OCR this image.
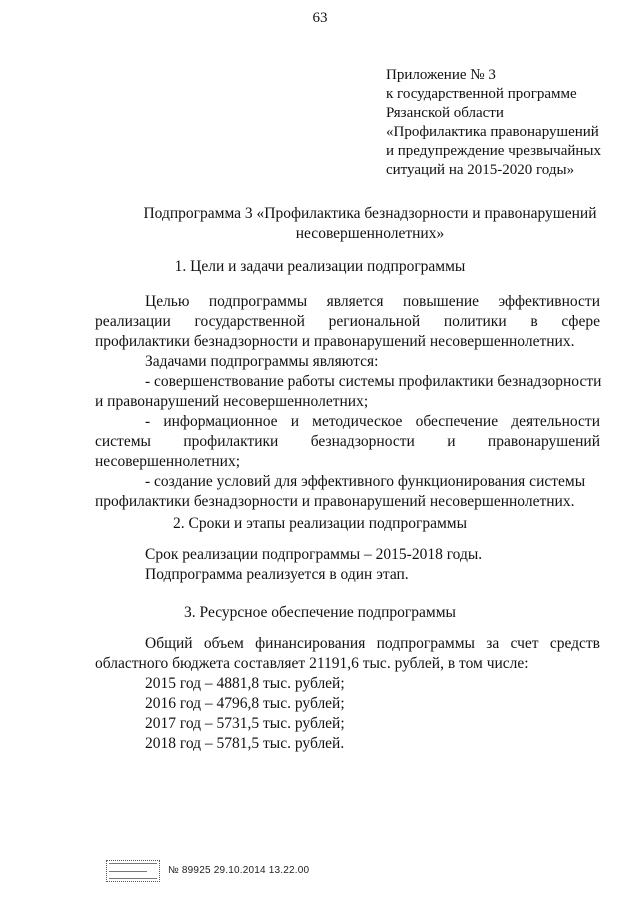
63
Приложение № 3
к государственной программе
Рязанской области
«Профилактика правонарушений
и предупреждение чрезвычайных
ситуаций на 2015-2020 годы»
Подпрограмма 3 «Профилактика безнадзорности и правонарушений
несовершеннолетних»
1. Цели и задачи реализации подпрограммы
Целью подпрограммы является повышение эффективности
реализации государственной региональной политики в сфере
профилактики безнадзорности и правонарушений несовершеннолетних.
Задачами подпрограммы являются:
- совершенствование работы системы профилактики безнадзорности
и правонарушений несовершеннолетних;
- информационное и методическое обеспечение деятельности
системы профилактики безнадзорности и правонарушений
несовершеннолетних;
- создание условий для эффективного функционирования системы
профилактики безнадзорности и правонарушений несовершеннолетних.
2. Сроки и этапы реализации подпрограммы
Срок реализации подпрограммы – 2015-2018 годы.
Подпрограмма реализуется в один этап.
3. Ресурсное обеспечение подпрограммы
Общий объем финансирования подпрограммы за счет средств
областного бюджета составляет 21191,6 тыс. рублей, в том числе:
2015 год – 4881,8 тыс. рублей;
2016 год – 4796,8 тыс. рублей;
2017 год – 5731,5 тыс. рублей;
2018 год – 5781,5 тыс. рублей.
№ 89925 29.10.2014 13.22.00
